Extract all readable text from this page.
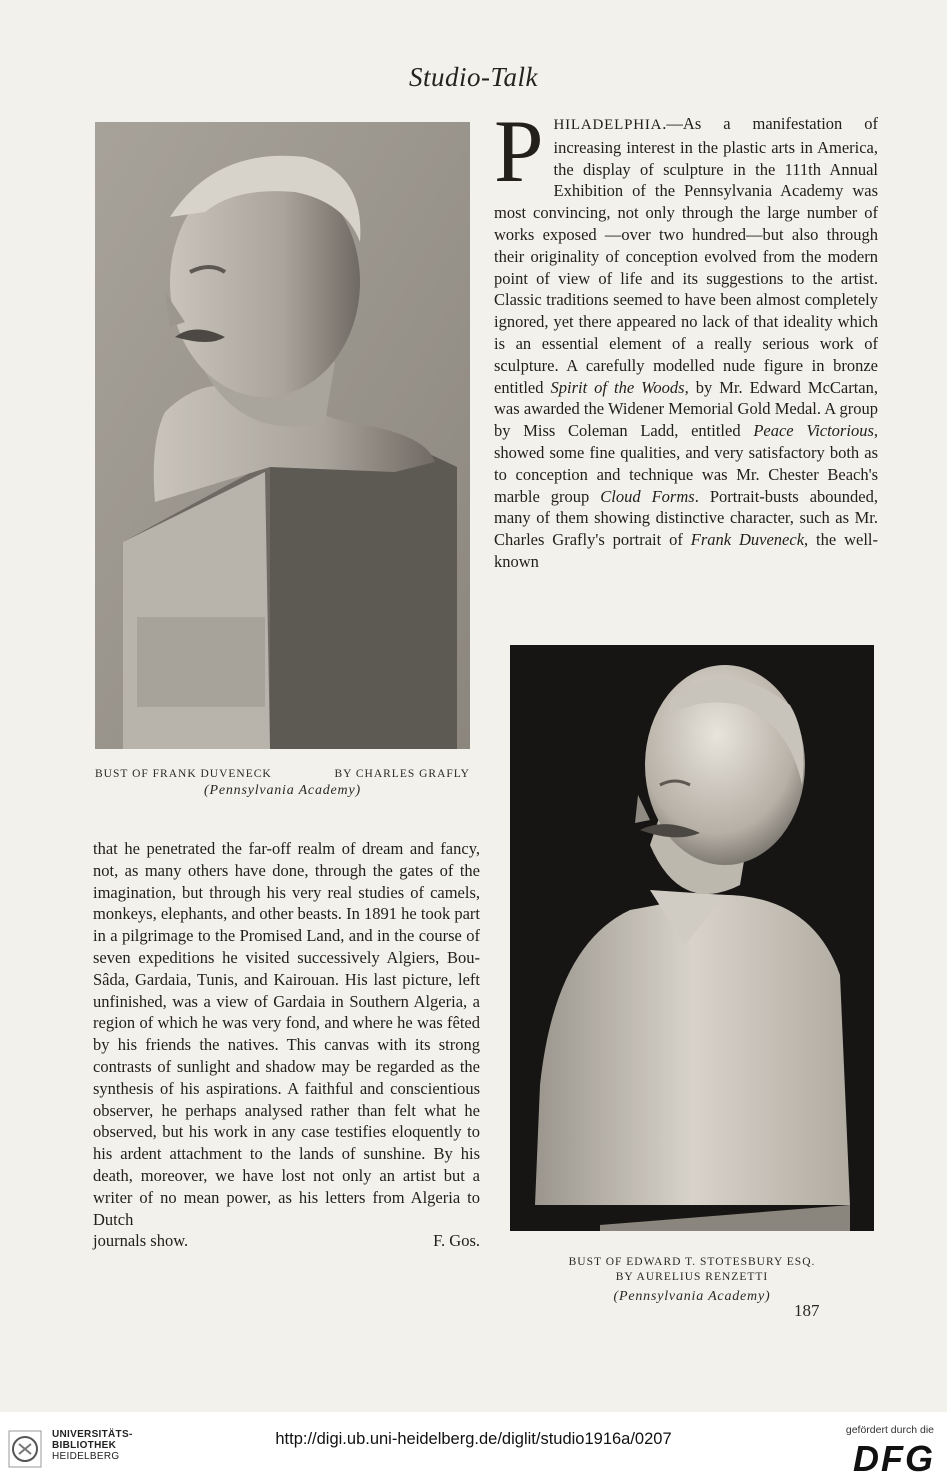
Studio-Talk
BUST OF FRANK DUVENECK	BY CHARLES GRAFLY
(Pennsylvania Academy)
PHILADELPHIA.—As a manifestation of increasing interest in the plastic arts in America, the display of sculpture in the 111th Annual Exhibition of the Pennsylvania Academy was most convincing, not only through the large number of works exposed —over two hundred—but also through their originality of conception evolved from the modern point of view of life and its suggestions to the artist. Classic traditions seemed to have been almost completely ignored, yet there appeared no lack of that ideality which is an essential element of a really serious work of sculpture. A carefully modelled nude figure in bronze entitled Spirit of the Woods, by Mr. Edward McCartan, was awarded the Widener Memorial Gold Medal. A group by Miss Coleman Ladd, entitled Peace Victorious, showed some fine qualities, and very satisfactory both as to conception and technique was Mr. Chester Beach's marble group Cloud Forms. Portrait-busts abounded, many of them showing distinctive character, such as Mr. Charles Grafly's portrait of Frank Duveneck, the well-known
BUST OF EDWARD T. STOTESBURY ESQ.
BY AURELIUS RENZETTI
(Pennsylvania Academy)
that he penetrated the far-off realm of dream and fancy, not, as many others have done, through the gates of the imagination, but through his very real studies of camels, monkeys, elephants, and other beasts. In 1891 he took part in a pilgrimage to the Promised Land, and in the course of seven expeditions he visited successively Algiers, Bou-Sâda, Gardaia, Tunis, and Kairouan. His last picture, left unfinished, was a view of Gardaia in Southern Algeria, a region of which he was very fond, and where he was fêted by his friends the natives. This canvas with its strong contrasts of sunlight and shadow may be regarded as the synthesis of his aspirations. A faithful and conscientious observer, he perhaps analysed rather than felt what he observed, but his work in any case testifies eloquently to his ardent attachment to the lands of sunshine. By his death, moreover, we have lost not only an artist but a writer of no mean power, as his letters from Algeria to Dutch
journals show.	F. Gos.
187
UNIVERSITÄTS-
BIBLIOTHEK
HEIDELBERG
http://digi.ub.uni-heidelberg.de/diglit/studio1916a/0207	gefördert durch die
DFG
